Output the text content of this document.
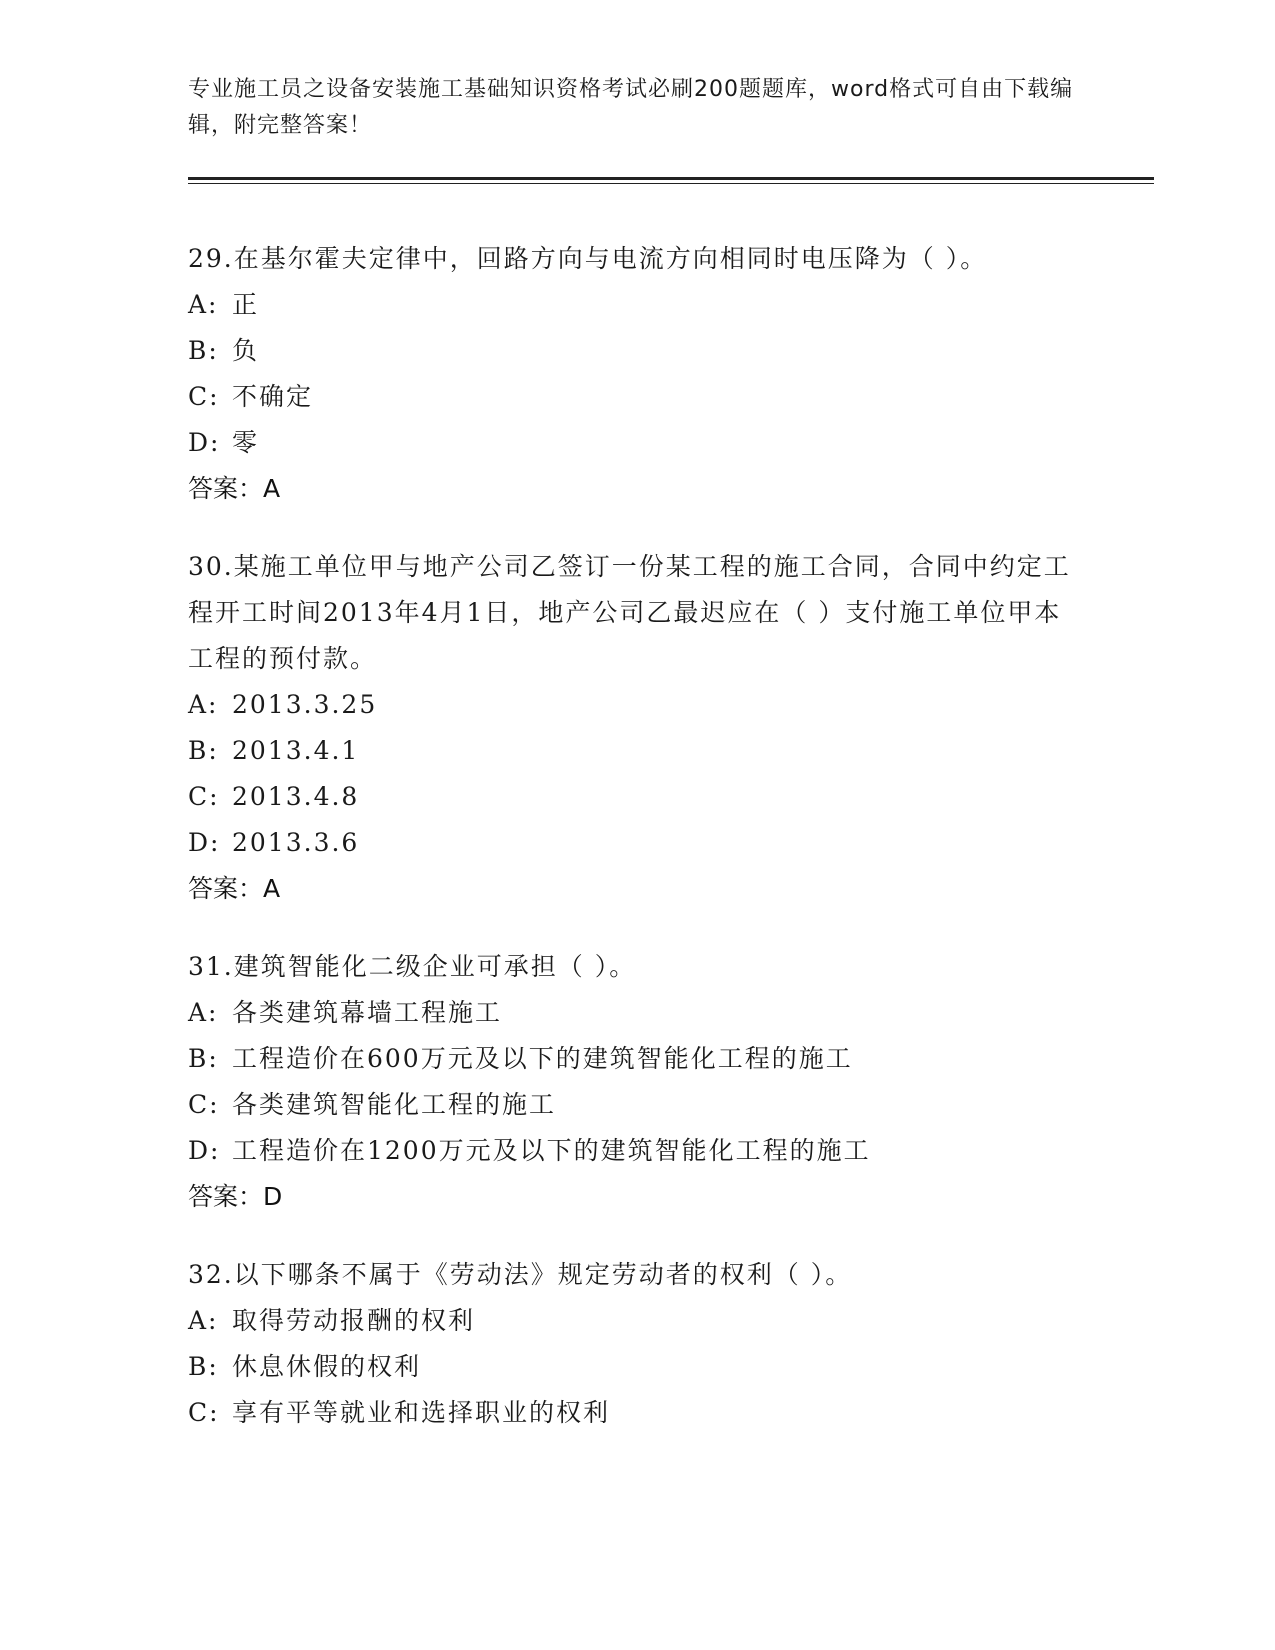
专业施工员之设备安装施工基础知识资格考试必刷200题题库，word格式可自由下载编辑，附完整答案！

29.在基尔霍夫定律中，回路方向与电流方向相同时电压降为（ ）。

A: 正

B: 负

C: 不确定

D: 零

答案：A

30.某施工单位甲与地产公司乙签订一份某工程的施工合同，合同中约定工程开工时间2013年4月1日，地产公司乙最迟应在（ ）支付施工单位甲本工程的预付款。

A: 2013.3.25

B: 2013.4.1

C: 2013.4.8

D: 2013.3.6

答案：A

31.建筑智能化二级企业可承担（ ）。

A: 各类建筑幕墙工程施工

B: 工程造价在600万元及以下的建筑智能化工程的施工

C: 各类建筑智能化工程的施工

D: 工程造价在1200万元及以下的建筑智能化工程的施工

答案：D

32.以下哪条不属于《劳动法》规定劳动者的权利（ ）。

A: 取得劳动报酬的权利

B: 休息休假的权利

C: 享有平等就业和选择职业的权利
